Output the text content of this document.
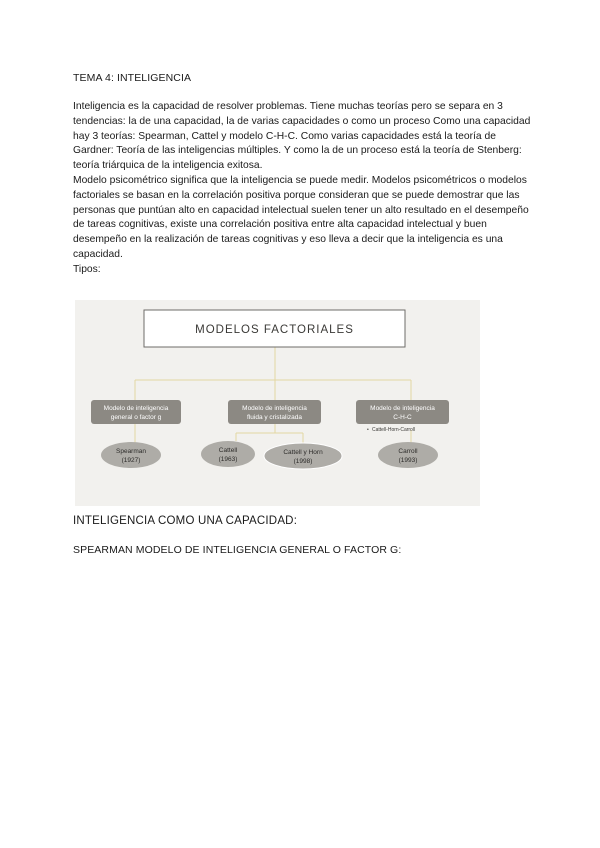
TEMA 4: INTELIGENCIA

Inteligencia es la capacidad de resolver problemas. Tiene muchas teorías pero se separa en 3 tendencias: la de una capacidad, la de varias capacidades o como un proceso Como una capacidad hay 3 teorías: Spearman, Cattel y modelo C-H-C. Como varias capacidades está la teoría de Gardner: Teoría de las inteligencias múltiples. Y como la de un proceso está la teoría de Stenberg: teoría triárquica de la inteligencia exitosa.

Modelo psicométrico significa que la inteligencia se puede medir. Modelos psicométricos o modelos factoriales se basan en la correlación positiva porque consideran que se puede demostrar que las personas que puntúan alto en capacidad intelectual suelen tener un alto resultado en el desempeño de tareas cognitivas, existe una correlación positiva entre alta capacidad intelectual y buen desempeño en la realización de tareas cognitivas y eso lleva a decir que la inteligencia es una capacidad.

Tipos:

MODELOS FACTORIALES
Modelo de inteligencia
general o factor g
Modelo de inteligencia
fluida y cristalizada
Modelo de inteligencia
C-H-C
• Cattell-Horn-Carroll
Spearman
(1927)
Cattell
(1963)
Cattell y Horn
(1998)
Carroll
(1993)
INTELIGENCIA COMO UNA CAPACIDAD:
SPEARMAN MODELO DE INTELIGENCIA GENERAL O FACTOR G:
